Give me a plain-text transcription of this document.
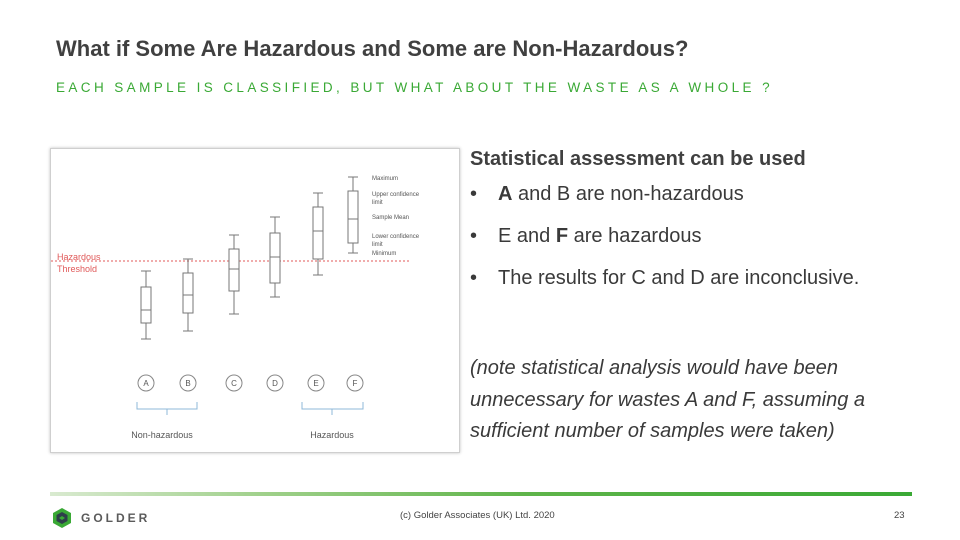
What if Some Are Hazardous and Some are Non-Hazardous?
EACH SAMPLE IS CLASSIFIED, BUT WHAT ABOUT THE WASTE AS A WHOLE ?
Hazardous
Threshold
Maximum
Upper confidence
limit
Sample Mean
Lower confidence
limit
Minimum
A	B	C	D	E	F
Non-hazardous	Hazardous
Statistical assessment can be used
• A and B are non-hazardous
• E and F are hazardous
• The results for C and D are inconclusive.
(note statistical analysis would have been unnecessary for wastes A and F, assuming a sufficient number of samples were taken)
GOLDER	(c) Golder Associates (UK) Ltd. 2020	23
